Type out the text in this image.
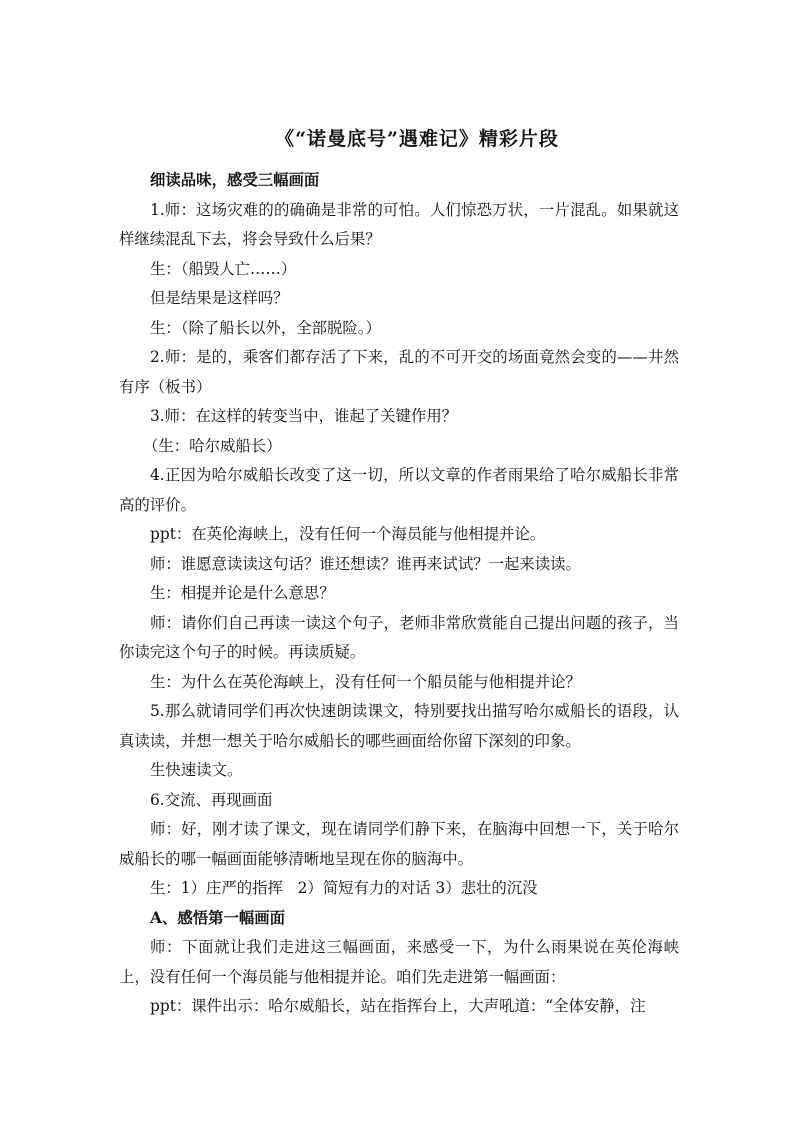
《“诺曼底号”遇难记》精彩片段

细读品味，感受三幅画面

1.师：这场灾难的的确确是非常的可怕。人们惊恐万状，一片混乱。如果就这样继续混乱下去，将会导致什么后果？

生：（船毁人亡……）

但是结果是这样吗？

生：（除了船长以外，全部脱险。）

2.师：是的，乘客们都存活了下来，乱的不可开交的场面竟然会变的——井然有序（板书）

3.师：在这样的转变当中，谁起了关键作用？

（生：哈尔威船长）

4.正因为哈尔威船长改变了这一切，所以文章的作者雨果给了哈尔威船长非常高的评价。

ppt：在英伦海峡上，没有任何一个海员能与他相提并论。

师：谁愿意读读这句话？谁还想读？谁再来试试？一起来读读。

生：相提并论是什么意思？

师：请你们自己再读一读这个句子，老师非常欣赏能自己提出问题的孩子，当你读完这个句子的时候。再读质疑。

生：为什么在英伦海峡上，没有任何一个船员能与他相提并论？

5.那么就请同学们再次快速朗读课文，特别要找出描写哈尔威船长的语段，认真读读，并想一想关于哈尔威船长的哪些画面给你留下深刻的印象。

生快速读文。

6.交流、再现画面

师：好，刚才读了课文，现在请同学们静下来，在脑海中回想一下，关于哈尔威船长的哪一幅画面能够清晰地呈现在你的脑海中。

生：1）庄严的指挥   2）简短有力的对话 3）悲壮的沉没

A、感悟第一幅画面

师：下面就让我们走进这三幅画面，来感受一下，为什么雨果说在英伦海峡上，没有任何一个海员能与他相提并论。咱们先走进第一幅画面：

ppt：课件出示：哈尔威船长，站在指挥台上，大声吼道：“全体安静，注
